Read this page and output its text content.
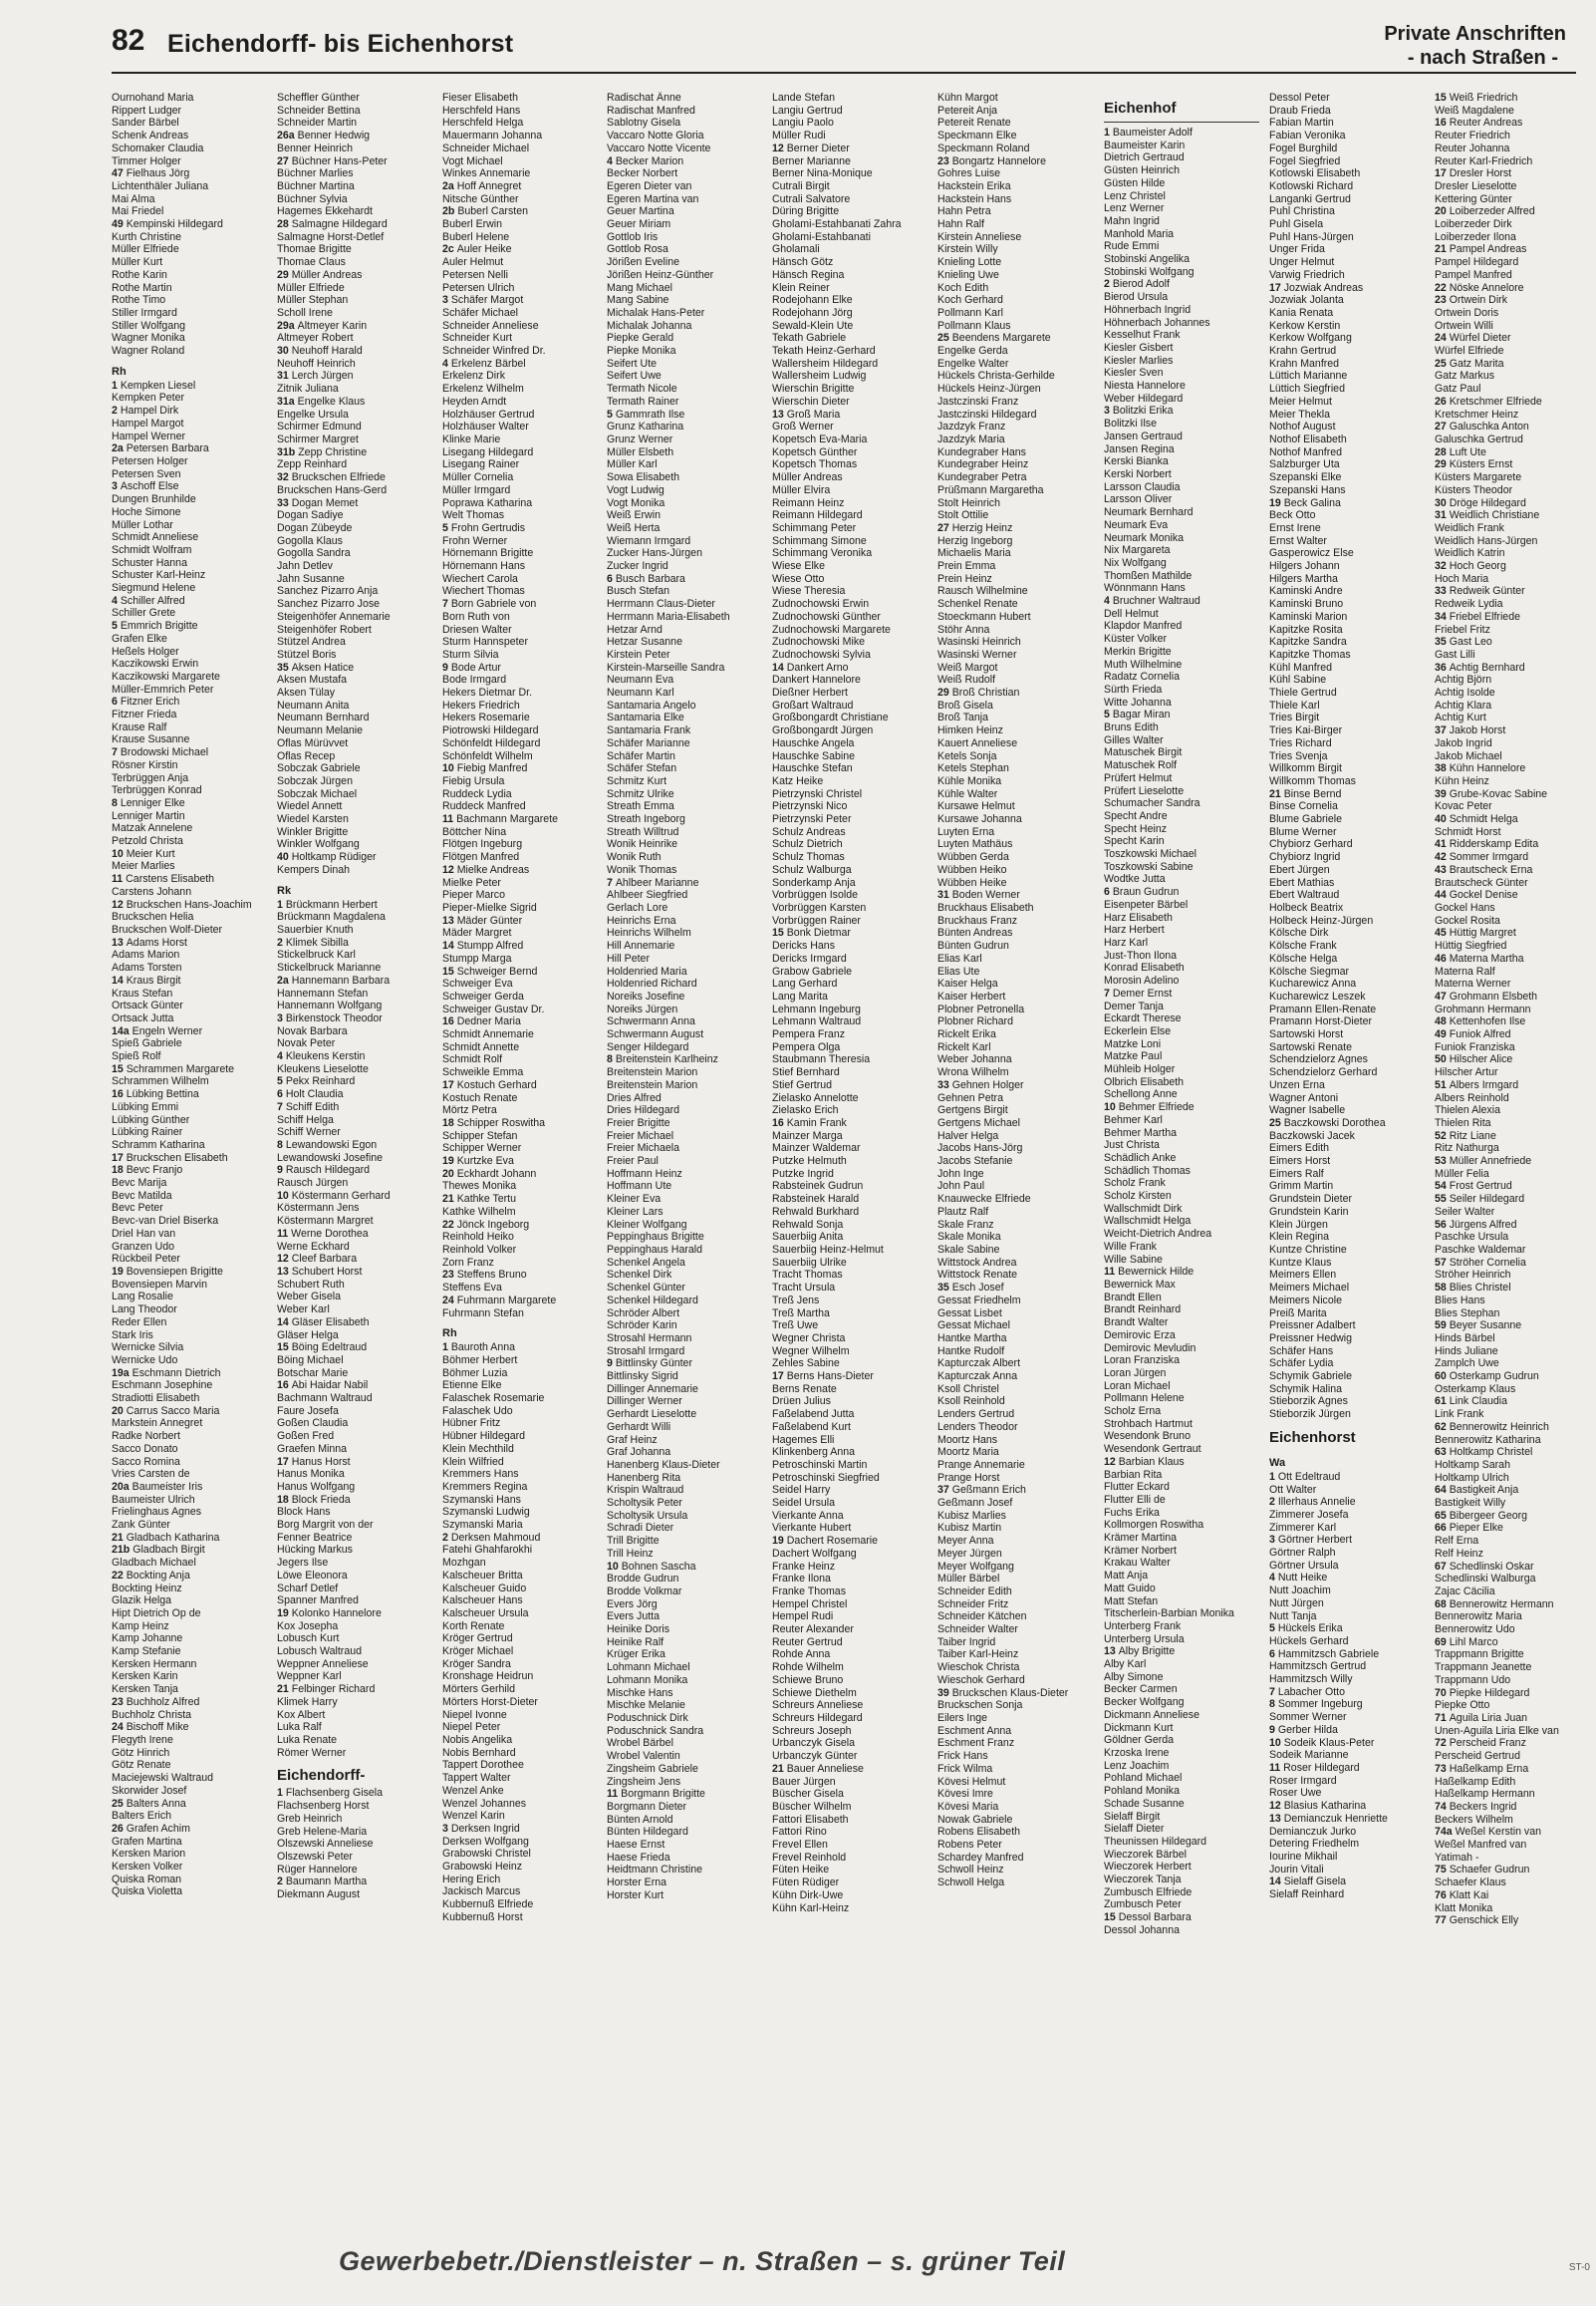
82 Eichendorff- bis Eichenhorst	Private Anschriften
- nach Straßen -
Ournohand Maria
Rippert Ludger
Sander Bärbel
Schenk Andreas
Schomaker Claudia
Timmer Holger
47 Fielhaus Jörg
Lichtenthäler Juliana
Mai Alma
Mai Friedel
49 Kempinski Hildegard
Kurth Christine
Müller Elfriede
Müller Kurt
Rothe Karin
Rothe Martin
Rothe Timo
Stiller Irmgard
Stiller Wolfgang
Wagner Monika
Wagner Roland
Rh
1 Kempken Liesel
Kempken Peter
2 Hampel Dirk
Hampel Margot
Hampel Werner
2a Petersen Barbara
Petersen Holger
Petersen Sven
3 Aschoff Else
Dungen Brunhilde
Hoche Simone
Müller Lothar
Schmidt Anneliese
Schmidt Wolfram
Schuster Hanna
Schuster Karl-Heinz
Siegmund Helene
4 Schiller Alfred
Schiller Grete
5 Emmrich Brigitte
Grafen Elke
Heßels Holger
Kaczikowski Erwin
Kaczikowski Margarete
Müller-Emmrich Peter
6 Fitzner Erich
Fitzner Frieda
Krause Ralf
Krause Susanne
7 Brodowski Michael
Rösner Kirstin
Terbrüggen Anja
Terbrüggen Konrad
8 Lenniger Elke
Lenniger Martin
Matzak Annelene
Petzold Christa
10 Meier Kurt
Meier Marlies
11 Carstens Elisabeth
Carstens Johann
12 Bruckschen Hans-Joachim
Bruckschen Helia
Bruckschen Wolf-Dieter
13 Adams Horst
Adams Marion
Adams Torsten
14 Kraus Birgit
Kraus Stefan
Ortsack Günter
Ortsack Jutta
14a Engeln Werner
Spieß Gabriele
Spieß Rolf
15 Schrammen Margarete
Schrammen Wilhelm
16 Lübking Bettina
Lübking Emmi
Lübking Günther
Lübking Rainer
Schramm Katharina
17 Bruckschen Elisabeth
18 Bevc Franjo
Bevc Marija
Bevc Matilda
Bevc Peter
Bevc-van Driel Biserka
Driel Han van
Granzen Udo
Rückbeil Peter
19 Bovensiepen Brigitte
Bovensiepen Marvin
Lang Rosalie
Lang Theodor
Reder Ellen
Stark Iris
Wernicke Silvia
Wernicke Udo
19a Eschmann Dietrich
Eschmann Josephine
Stradiotti Elisabeth
20 Carrus Sacco Maria
Markstein Annegret
Radke Norbert
Sacco Donato
Sacco Romina
Vries Carsten de
20a Baumeister Iris
Baumeister Ulrich
Frielinghaus Agnes
Zank Günter
21 Gladbach Katharina
21b Gladbach Birgit
Gladbach Michael
22 Bockting Anja
Bockting Heinz
Glazik Helga
Hipt Dietrich Op de
Kamp Heinz
Kamp Johanne
Kamp Stefanie
Kersken Hermann
Kersken Karin
Kersken Tanja
23 Buchholz Alfred
Buchholz Christa
24 Bischoff Mike
Flegyth Irene
Götz Hinrich
Götz Renate
Maciejewski Waltraud
Skorwider Josef
25 Balters Anna
Balters Erich
26 Grafen Achim
Grafen Martina
Kersken Marion
Kersken Volker
Quiska Roman
Quiska Violetta
Scheffler Günther
Schneider Bettina
Schneider Martin
26a Benner Hedwig
Benner Heinrich
27 Büchner Hans-Peter
Büchner Marlies
Büchner Martina
Büchner Sylvia
Hagemes Ekkehardt
28 Salmagne Hildegard
Salmagne Horst-Detlef
Thomae Brigitte
Thomae Claus
29 Müller Andreas
Müller Elfriede
Müller Stephan
Scholl Irene
29a Altmeyer Karin
Altmeyer Robert
30 Neuhoff Harald
Neuhoff Heinrich
31 Lerch Jürgen
Zitnik Juliana
31a Engelke Klaus
Engelke Ursula
Schirmer Edmund
Schirmer Margret
31b Zepp Christine
Zepp Reinhard
32 Bruckschen Elfriede
Bruckschen Hans-Gerd
33 Dogan Memet
Dogan Sadiye
Dogan Zübeyde
Gogolla Klaus
Gogolla Sandra
Jahn Detlev
Jahn Susanne
Sanchez Pizarro Anja
Sanchez Pizarro Jose
Steigenhöfer Annemarie
Steigenhöfer Robert
Stützel Andrea
Stützel Boris
35 Aksen Hatice
Aksen Mustafa
Aksen Tülay
Neumann Anita
Neumann Bernhard
Neumann Melanie
Oflas Mürüvvet
Oflas Recep
Sobczak Gabriele
Sobczak Jürgen
Sobczak Michael
Wiedel Annett
Wiedel Karsten
Winkler Brigitte
Winkler Wolfgang
40 Holtkamp Rüdiger
Kempers Dinah
Rk
1 Brückmann Herbert
Brückmann Magdalena
Sauerbier Knuth
2 Klimek Sibilla
Stickelbruck Karl
Stickelbruck Marianne
2a Hannemann Barbara
Hannemann Stefan
Hannemann Wolfgang
3 Birkenstock Theodor
Novak Barbara
Novak Peter
4 Kleukens Kerstin
Kleukens Lieselotte
5 Pekx Reinhard
6 Holt Claudia
7 Schiff Edith
Schiff Helga
Schiff Werner
8 Lewandowski Egon
Lewandowski Josefine
9 Rausch Hildegard
Rausch Jürgen
10 Köstermann Gerhard
Köstermann Jens
Köstermann Margret
11 Werne Dorothea
Werne Eckhard
12 Cleef Barbara
13 Schubert Horst
Schubert Ruth
Weber Gisela
Weber Karl
14 Gläser Elisabeth
Gläser Helga
15 Böing Edeltraud
Böing Michael
Botschar Marie
16 Abi Haidar Nabil
Bachmann Waltraud
Faure Josefa
Goßen Claudia
Goßen Fred
Graefen Minna
17 Hanus Horst
Hanus Monika
Hanus Wolfgang
18 Block Frieda
Block Hans
Borg Margrit von der
Fenner Beatrice
Hücking Markus
Jegers Ilse
Löwe Eleonora
Scharf Detlef
Spanner Manfred
19 Kolonko Hannelore
Kox Josepha
Lobusch Kurt
Lobusch Waltraud
Weppner Anneliese
Weppner Karl
21 Felbinger Richard
Klimek Harry
Kox Albert
Luka Ralf
Luka Renate
Römer Werner
Eichendorff-
1 Flachsenberg Gisela
Flachsenberg Horst
Greb Heinrich
Greb Helene-Maria
Olszewski Anneliese
Olszewski Peter
Rüger Hannelore
2 Baumann Martha
Diekmann August
Fieser Elisabeth
Herschfeld Hans
Herschfeld Helga
Mauermann Johanna
Schneider Michael
Vogt Michael
Winkes Annemarie
2a Hoff Annegret
Nitsche Günther
2b Buberl Carsten
Buberl Erwin
Buberl Helene
2c Auler Heike
Auler Helmut
Petersen Nelli
Petersen Ulrich
3 Schäfer Margot
Schäfer Michael
Schneider Anneliese
Schneider Kurt
Schneider Winfred Dr.
4 Erkelenz Bärbel
Erkelenz Dirk
Erkelenz Wilhelm
Heyden Arndt
Holzhäuser Gertrud
Holzhäuser Walter
Klinke Marie
Lisegang Hildegard
Lisegang Rainer
Müller Cornelia
Müller Irmgard
Poprawa Katharina
Welt Thomas
5 Frohn Gertrudis
Frohn Werner
Hörnemann Brigitte
Hörnemann Hans
Wiechert Carola
Wiechert Thomas
7 Born Gabriele von
Born Ruth von
Driesen Walter
Sturm Hannspeter
Sturm Silvia
9 Bode Artur
Bode Irmgard
Hekers Dietmar Dr.
Hekers Friedrich
Hekers Rosemarie
Piotrowski Hildegard
Schönfeldt Hildegard
Schönfeldt Wilhelm
10 Fiebig Manfred
Fiebig Ursula
Ruddeck Lydia
Ruddeck Manfred
11 Bachmann Margarete
Böttcher Nina
Flötgen Ingeburg
Flötgen Manfred
12 Mielke Andreas
Mielke Peter
Pieper Marco
Pieper-Mielke Sigrid
13 Mäder Günter
Mäder Margret
14 Stumpp Alfred
Stumpp Marga
15 Schweiger Bernd
Schweiger Eva
Schweiger Gerda
Schweiger Gustav Dr.
16 Dedner Maria
Schmidt Annemarie
Schmidt Annette
Schmidt Rolf
Schweikle Emma
17 Kostuch Gerhard
Kostuch Renate
Mörtz Petra
18 Schipper Roswitha
Schipper Stefan
Schipper Werner
19 Kurtzke Eva
20 Eckhardt Johann
Thewes Monika
21 Kathke Tertu
Kathke Wilhelm
22 Jönck Ingeborg
Reinhold Heiko
Reinhold Volker
Zorn Franz
23 Steffens Bruno
Steffens Eva
24 Fuhrmann Margarete
Fuhrmann Stefan
Rh
1 Bauroth Anna
Böhmer Herbert
Böhmer Luzia
Etienne Elke
Falaschek Rosemarie
Falaschek Udo
Hübner Fritz
Hübner Hildegard
Klein Mechthild
Klein Wilfried
Kremmers Hans
Kremmers Regina
Szymanski Hans
Szymanski Ludwig
Szymanski Maria
2 Derksen Mahmoud
Fatehi Ghahfarokhi
Mozhgan
Kalscheuer Britta
Kalscheuer Guido
Kalscheuer Hans
Kalscheuer Ursula
Korth Renate
Kröger Gertrud
Kröger Michael
Kröger Sandra
Kronshage Heidrun
Mörters Gerhild
Mörters Horst-Dieter
Niepel Ivonne
Niepel Peter
Nobis Angelika
Nobis Bernhard
Tappert Dorothee
Tappert Walter
Wenzel Anke
Wenzel Johannes
Wenzel Karin
3 Derksen Ingrid
Derksen Wolfgang
Grabowski Christel
Grabowski Heinz
Hering Erich
Jackisch Marcus
Kubbernuß Elfriede
Kubbernuß Horst
Radischat Änne
Radischat Manfred
Sablotny Gisela
Vaccaro Notte Gloria
Vaccaro Notte Vicente
4 Becker Marion
Becker Norbert
Egeren Dieter van
Egeren Martina van
Geuer Martina
Geuer Miriam
Gottlob Iris
Gottlob Rosa
Jörißen Eveline
Jörißen Heinz-Günther
Mang Michael
Mang Sabine
Michalak Hans-Peter
Michalak Johanna
Piepke Gerald
Piepke Monika
Seifert Ute
Seifert Uwe
Termath Nicole
Termath Rainer
5 Gammrath Ilse
Grunz Katharina
Grunz Werner
Müller Elsbeth
Müller Karl
Sowa Elisabeth
Vogt Ludwig
Vogt Monika
Weiß Erwin
Weiß Herta
Wiemann Irmgard
Zucker Hans-Jürgen
Zucker Ingrid
6 Busch Barbara
Busch Stefan
Herrmann Claus-Dieter
Herrmann Maria-Elisabeth
Hetzar Arnd
Hetzar Susanne
Kirstein Peter
Kirstein-Marseille Sandra
Neumann Eva
Neumann Karl
Santamaria Angelo
Santamaria Elke
Santamaria Frank
Schäfer Marianne
Schäfer Martin
Schäfer Stefan
Schmitz Kurt
Schmitz Ulrike
Streath Emma
Streath Ingeborg
Streath Willtrud
Wonik Heinrike
Wonik Ruth
Wonik Thomas
7 Ahlbeer Marianne
Ahlbeer Siegfried
Gerlach Lore
Heinrichs Erna
Heinrichs Wilhelm
Hill Annemarie
Hill Peter
Holdenried Maria
Holdenried Richard
Noreiks Josefine
Noreiks Jürgen
Schwermann Anna
Schwermann August
Senger Hildegard
8 Breitenstein Karlheinz
Breitenstein Marion
Breitenstein Marion
Dries Alfred
Dries Hildegard
Freier Brigitte
Freier Michael
Freier Michaela
Freier Paul
Hoffmann Heinz
Hoffmann Ute
Kleiner Eva
Kleiner Lars
Kleiner Wolfgang
Peppinghaus Brigitte
Peppinghaus Harald
Schenkel Angela
Schenkel Dirk
Schenkel Günter
Schenkel Hildegard
Schröder Albert
Schröder Karin
Strosahl Hermann
Strosahl Irmgard
9 Bittlinsky Günter
Bittlinsky Sigrid
Dillinger Annemarie
Dillinger Werner
Gerhardt Lieselotte
Gerhardt Willi
Graf Heinz
Graf Johanna
Hanenberg Klaus-Dieter
Hanenberg Rita
Krispin Waltraud
Scholtysik Peter
Scholtysik Ursula
Schradi Dieter
Trill Brigitte
Trill Heinz
10 Bohnen Sascha
Brodde Gudrun
Brodde Volkmar
Evers Jörg
Evers Jutta
Heinike Doris
Heinike Ralf
Krüger Erika
Lohmann Michael
Lohmann Monika
Mischke Hans
Mischke Melanie
Poduschnick Dirk
Poduschnick Sandra
Wrobel Bärbel
Wrobel Valentin
Zingsheim Gabriele
Zingsheim Jens
11 Borgmann Brigitte
Borgmann Dieter
Bünten Arnold
Bünten Hildegard
Haese Ernst
Haese Frieda
Heidtmann Christine
Horster Erna
Horster Kurt
Lande Stefan
Langiu Gertrud
Langiu Paolo
Müller Rudi
12 Berner Dieter
Berner Marianne
Berner Nina-Monique
Cutrali Birgit
Cutrali Salvatore
Düring Brigitte
Gholami-Estahbanati Zahra
Gholami-Estahbanati
Gholamali
Hänsch Götz
Hänsch Regina
Klein Reiner
Rodejohann Elke
Rodejohann Jörg
Sewald-Klein Ute
Tekath Gabriele
Tekath Heinz-Gerhard
Wallersheim Hildegard
Wallersheim Ludwig
Wierschin Brigitte
Wierschin Dieter
13 Groß Maria
Groß Werner
Kopetsch Eva-Maria
Kopetsch Günther
Kopetsch Thomas
Müller Andreas
Müller Elvira
Reimann Heinz
Reimann Hildegard
Schimmang Peter
Schimmang Simone
Schimmang Veronika
Wiese Elke
Wiese Otto
Wiese Theresia
Zudnochowski Erwin
Zudnochowski Günther
Zudnochowski Margarete
Zudnochowski Mike
Zudnochowski Sylvia
14 Dankert Arno
Dankert Hannelore
Dießner Herbert
Großart Waltraud
Großbongardt Christiane
Großbongardt Jürgen
Hauschke Angela
Hauschke Sabine
Hauschke Stefan
Katz Heike
Pietrzynski Christel
Pietrzynski Nico
Pietrzynski Peter
Schulz Andreas
Schulz Dietrich
Schulz Thomas
Schulz Walburga
Sonderkamp Anja
Vorbrüggen Isolde
Vorbrüggen Karsten
Vorbrüggen Rainer
15 Bonk Dietmar
Dericks Hans
Dericks Irmgard
Grabow Gabriele
Lang Gerhard
Lang Marita
Lehmann Ingeburg
Lehmann Waltraud
Pempera Franz
Pempera Olga
Staubmann Theresia
Stief Bernhard
Stief Gertrud
Zielasko Annelotte
Zielasko Erich
16 Kamin Frank
Mainzer Marga
Mainzer Waldemar
Putzke Helmuth
Putzke Ingrid
Rabsteinek Gudrun
Rabsteinek Harald
Rehwald Burkhard
Rehwald Sonja
Sauerbiig Anita
Sauerbiig Heinz-Helmut
Sauerbiig Ulrike
Tracht Thomas
Tracht Ursula
Treß Jens
Treß Martha
Treß Uwe
Wegner Christa
Wegner Wilhelm
Zehles Sabine
17 Berns Hans-Dieter
Berns Renate
Drüen Julius
Faßelabend Jutta
Faßelabend Kurt
Hagemes Elli
Klinkenberg Anna
Petroschinski Martin
Petroschinski Siegfried
Seidel Harry
Seidel Ursula
Vierkante Anna
Vierkante Hubert
19 Dachert Rosemarie
Dachert Wolfgang
Franke Heinz
Franke Ilona
Franke Thomas
Hempel Christel
Hempel Rudi
Reuter Alexander
Reuter Gertrud
Rohde Anna
Rohde Wilhelm
Schiewe Bruno
Schiewe Diethelm
Schreurs Anneliese
Schreurs Hildegard
Schreurs Joseph
Urbanczyk Gisela
Urbanczyk Günter
21 Bauer Anneliese
Bauer Jürgen
Büscher Gisela
Büscher Wilhelm
Fattori Elisabeth
Fattori Rino
Frevel Ellen
Frevel Reinhold
Füten Heike
Füten Rüdiger
Kühn Dirk-Uwe
Kühn Karl-Heinz
Kühn Margot
Petereit Anja
Petereit Renate
Speckmann Elke
Speckmann Roland
23 Bongartz Hannelore
Gohres Luise
Hackstein Erika
Hackstein Hans
Hahn Petra
Hahn Ralf
Kirstein Anneliese
Kirstein Willy
Knieling Lotte
Knieling Uwe
Koch Edith
Koch Gerhard
Pollmann Karl
Pollmann Klaus
25 Beendens Margarete
Engelke Gerda
Engelke Walter
Hückels Christa-Gerhilde
Hückels Heinz-Jürgen
Jastczinski Franz
Jastczinski Hildegard
Jazdzyk Franz
Jazdzyk Maria
Kundegraber Hans
Kundegraber Heinz
Kundegraber Petra
Prüßmann Margaretha
Stolt Heinrich
Stolt Ottilie
27 Herzig Heinz
Herzig Ingeborg
Michaelis Maria
Prein Emma
Prein Heinz
Rausch Wilhelmine
Schenkel Renate
Stoeckmann Hubert
Stöhr Anna
Wasinski Heinrich
Wasinski Werner
Weiß Margot
Weiß Rudolf
29 Broß Christian
Broß Gisela
Broß Tanja
Himken Heinz
Kauert Anneliese
Ketels Sonja
Ketels Stephan
Kühle Monika
Kühle Walter
Kursawe Helmut
Kursawe Johanna
Luyten Erna
Luyten Mathäus
Wübben Gerda
Wübben Heiko
Wübben Heike
31 Boden Werner
Bruckhaus Elisabeth
Bruckhaus Franz
Bünten Andreas
Bünten Gudrun
Elias Karl
Elias Ute
Kaiser Helga
Kaiser Herbert
Plobner Petronella
Plobner Richard
Rickelt Erika
Rickelt Karl
Weber Johanna
Wrona Wilhelm
33 Gehnen Holger
Gehnen Petra
Gertgens Birgit
Gertgens Michael
Halver Helga
Jacobs Hans-Jörg
Jacobs Stefanie
John Inge
John Paul
Knauwecke Elfriede
Plautz Ralf
Skale Franz
Skale Monika
Skale Sabine
Wittstock Andrea
Wittstock Renate
35 Esch Josef
Gessat Friedhelm
Gessat Lisbet
Gessat Michael
Hantke Martha
Hantke Rudolf
Kapturczak Albert
Kapturczak Anna
Ksoll Christel
Ksoll Reinhold
Lenders Gertrud
Lenders Theodor
Moortz Hans
Moortz Maria
Prange Annemarie
Prange Horst
37 Geßmann Erich
Geßmann Josef
Kubisz Marlies
Kubisz Martin
Meyer Anna
Meyer Jürgen
Meyer Wolfgang
Müller Bärbel
Schneider Edith
Schneider Fritz
Schneider Kätchen
Schneider Walter
Taiber Ingrid
Taiber Karl-Heinz
Wieschok Christa
Wieschok Gerhard
39 Bruckschen Klaus-Dieter
Bruckschen Sonja
Eilers Inge
Eschment Anna
Eschment Franz
Frick Hans
Frick Wilma
Kövesi Helmut
Kövesi Imre
Kövesi Maria
Nowak Gabriele
Robens Elisabeth
Robens Peter
Schardey Manfred
Schwoll Heinz
Schwoll Helga
Eichenhof
1 Baumeister Adolf
Baumeister Karin
Dietrich Gertraud
Güsten Heinrich
Güsten Hilde
Lenz Christel
Lenz Werner
Mahn Ingrid
Manhold Maria
Rude Emmi
Stobinski Angelika
Stobinski Wolfgang
2 Bierod Adolf
Bierod Ursula
Höhnerbach Ingrid
Höhnerbach Johannes
Kesselhut Frank
Kiesler Gisbert
Kiesler Marlies
Kiesler Sven
Niesta Hannelore
Weber Hildegard
3 Bolitzki Erika
Bolitzki Ilse
Jansen Gertraud
Jansen Regina
Kerski Bianka
Kerski Norbert
Larsson Claudia
Larsson Oliver
Neumark Bernhard
Neumark Eva
Neumark Monika
Nix Margareta
Nix Wolfgang
Thomßen Mathilde
Wönnmann Hans
4 Bruchner Waltraud
Dell Helmut
Klapdor Manfred
Küster Volker
Merkin Brigitte
Muth Wilhelmine
Radatz Cornelia
Sürth Frieda
Witte Johanna
5 Bagar Miran
Bruns Edith
Gilles Walter
Matuschek Birgit
Matuschek Rolf
Prüfert Helmut
Prüfert Lieselotte
Schumacher Sandra
Specht Andre
Specht Heinz
Specht Karin
Toszkowski Michael
Toszkowski Sabine
Wodtke Jutta
6 Braun Gudrun
Eisenpeter Bärbel
Harz Elisabeth
Harz Herbert
Harz Karl
Just-Thon Ilona
Konrad Elisabeth
Morosin Adelino
7 Demer Ernst
Demer Tanja
Eckardt Therese
Eckerlein Else
Matzke Loni
Matzke Paul
Mühleib Holger
Olbrich Elisabeth
Schellong Anne
10 Behmer Elfriede
Behmer Karl
Behmer Martha
Just Christa
Schädlich Anke
Schädlich Thomas
Scholz Frank
Scholz Kirsten
Wallschmidt Dirk
Wallschmidt Helga
Weicht-Dietrich Andrea
Wille Frank
Wille Sabine
11 Bewernick Hilde
Bewernick Max
Brandt Ellen
Brandt Reinhard
Brandt Walter
Demirovic Erza
Demirovic Mevludin
Loran Franziska
Loran Jürgen
Loran Michael
Pollmann Helene
Scholz Erna
Strohbach Hartmut
Wesendonk Bruno
Wesendonk Gertraut
12 Barbian Klaus
Barbian Rita
Flutter Eckard
Flutter Elli de
Fuchs Erika
Kollmorgen Roswitha
Krämer Martina
Krämer Norbert
Krakau Walter
Matt Anja
Matt Guido
Matt Stefan
Titscherlein-Barbian Monika
Unterberg Frank
Unterberg Ursula
13 Alby Brigitte
Alby Karl
Alby Simone
Becker Carmen
Becker Wolfgang
Dickmann Anneliese
Dickmann Kurt
Göldner Gerda
Krzoska Irene
Lenz Joachim
Pohland Michael
Pohland Monika
Schade Susanne
Sielaff Birgit
Sielaff Dieter
Theunissen Hildegard
Wieczorek Bärbel
Wieczorek Herbert
Wieczorek Tanja
Zumbusch Elfriede
Zumbusch Peter
15 Dessol Barbara
Dessol Johanna
Dessol Peter
Draub Frieda
Fabian Martin
Fabian Veronika
Fogel Burghild
Fogel Siegfried
Kotlowski Elisabeth
Kotlowski Richard
Langanki Gertrud
Puhl Christina
Puhl Gisela
Puhl Hans-Jürgen
Unger Frida
Unger Helmut
Varwig Friedrich
17 Jozwiak Andreas
Jozwiak Jolanta
Kania Renata
Kerkow Kerstin
Kerkow Wolfgang
Krahn Gertrud
Krahn Manfred
Lüttich Marianne
Lüttich Siegfried
Meier Helmut
Meier Thekla
Nothof August
Nothof Elisabeth
Nothof Manfred
Salzburger Uta
Szepanski Elke
Szepanski Hans
19 Beck Galina
Beck Otto
Ernst Irene
Ernst Walter
Gasperowicz Else
Hilgers Johann
Hilgers Martha
Kaminski Andre
Kaminski Bruno
Kaminski Marion
Kapitzke Rosita
Kapitzke Sandra
Kapitzke Thomas
Kühl Manfred
Kühl Sabine
Thiele Gertrud
Thiele Karl
Tries Birgit
Tries Kai-Birger
Tries Richard
Tries Svenja
Willkomm Birgit
Willkomm Thomas
21 Binse Bernd
Binse Cornelia
Blume Gabriele
Blume Werner
Chybiorz Gerhard
Chybiorz Ingrid
Ebert Jürgen
Ebert Mathias
Ebert Waltraud
Holbeck Beatrix
Holbeck Heinz-Jürgen
Kölsche Dirk
Kölsche Frank
Kölsche Helga
Kölsche Siegmar
Kucharewicz Anna
Kucharewicz Leszek
Pramann Ellen-Renate
Pramann Horst-Dieter
Sartowski Horst
Sartowski Renate
Schendzielorz Agnes
Schendzielorz Gerhard
Unzen Erna
Wagner Antoni
Wagner Isabelle
25 Baczkowski Dorothea
Baczkowski Jacek
Eimers Edith
Eimers Horst
Eimers Ralf
Grimm Martin
Grundstein Dieter
Grundstein Karin
Klein Jürgen
Klein Regina
Kuntze Christine
Kuntze Klaus
Meimers Ellen
Meimers Michael
Meimers Nicole
Preiß Marita
Preissner Adalbert
Preissner Hedwig
Schäfer Hans
Schäfer Lydia
Schymik Gabriele
Schymik Halina
Stieborzik Agnes
Stieborzik Jürgen
Eichenhorst
Wa
1 Ott Edeltraud
Ott Walter
2 Illerhaus Annelie
Zimmerer Josefa
Zimmerer Karl
3 Görtner Herbert
Görtner Ralph
Görtner Ursula
4 Nutt Heike
Nutt Joachim
Nutt Jürgen
Nutt Tanja
5 Hückels Erika
Hückels Gerhard
6 Hammitzsch Gabriele
Hammitzsch Gertrud
Hammitzsch Willy
7 Labacher Otto
8 Sommer Ingeburg
Sommer Werner
9 Gerber Hilda
10 Sodeik Klaus-Peter
Sodeik Marianne
11 Roser Hildegard
Roser Irmgard
Roser Uwe
12 Blasius Katharina
13 Demianczuk Henriette
Demianczuk Jurko
Detering Friedhelm
Iourine Mikhail
Jourin Vitali
14 Sielaff Gisela
Sielaff Reinhard
15 Weiß Friedrich
Weiß Magdalene
16 Reuter Andreas
Reuter Friedrich
Reuter Johanna
Reuter Karl-Friedrich
17 Dresler Horst
Dresler Lieselotte
Kettering Günter
20 Loiberzeder Alfred
Loiberzeder Dirk
Loiberzeder Ilona
21 Pampel Andreas
Pampel Hildegard
Pampel Manfred
22 Nöske Annelore
23 Ortwein Dirk
Ortwein Doris
Ortwein Willi
24 Würfel Dieter
Würfel Elfriede
25 Gatz Marita
Gatz Markus
Gatz Paul
26 Kretschmer Elfriede
Kretschmer Heinz
27 Galuschka Anton
Galuschka Gertrud
28 Luft Ute
29 Küsters Ernst
Küsters Margarete
Küsters Theodor
30 Dröge Hildegard
31 Weidlich Christiane
Weidlich Frank
Weidlich Hans-Jürgen
Weidlich Katrin
32 Hoch Georg
Hoch Maria
33 Redweik Günter
Redweik Lydia
34 Friebel Elfriede
Friebel Fritz
35 Gast Leo
Gast Lilli
36 Achtig Bernhard
Achtig Björn
Achtig Isolde
Achtig Klara
Achtig Kurt
37 Jakob Horst
Jakob Ingrid
Jakob Michael
38 Kühn Hannelore
Kühn Heinz
39 Grube-Kovac Sabine
Kovac Peter
40 Schmidt Helga
Schmidt Horst
41 Ridderskamp Edita
42 Sommer Irmgard
43 Brautscheck Erna
Brautscheck Günter
44 Gockel Denise
Gockel Hans
Gockel Rosita
45 Hüttig Margret
Hüttig Siegfried
46 Materna Martha
Materna Ralf
Materna Werner
47 Grohmann Elsbeth
Grohmann Hermann
48 Kettenhofen Ilse
49 Funiok Alfred
Funiok Franziska
50 Hilscher Alice
Hilscher Artur
51 Albers Irmgard
Albers Reinhold
Thielen Alexia
Thielen Rita
52 Ritz Liane
Ritz Nathurga
53 Müller Annefriede
Müller Felia
54 Frost Gertrud
55 Seiler Hildegard
Seiler Walter
56 Jürgens Alfred
Paschke Ursula
Paschke Waldemar
57 Ströher Cornelia
Ströher Heinrich
58 Blies Christel
Blies Hans
Blies Stephan
59 Beyer Susanne
Hinds Bärbel
Hinds Juliane
Zamplch Uwe
60 Osterkamp Gudrun
Osterkamp Klaus
61 Link Claudia
Link Frank
62 Bennerowitz Heinrich
Bennerowitz Katharina
63 Holtkamp Christel
Holtkamp Sarah
Holtkamp Ulrich
64 Bastigkeit Anja
Bastigkeit Willy
65 Bibergeer Georg
66 Pieper Elke
Relf Erna
Relf Heinz
67 Schedlinski Oskar
Schedlinski Walburga
Zajac Cäcilia
68 Bennerowitz Hermann
Bennerowitz Maria
Bennerowitz Udo
69 Lihl Marco
Trappmann Brigitte
Trappmann Jeanette
Trappmann Udo
70 Piepke Hildegard
Piepke Otto
71 Aguila Liria Juan
Unen-Aguila Liria Elke van
72 Perscheid Franz
Perscheid Gertrud
73 Haßelkamp Erna
Haßelkamp Edith
Haßelkamp Hermann
74 Beckers Ingrid
Beckers Wilhelm
74a Weßel Kerstin van
Weßel Manfred van
Yatimah -
75 Schaefer Gudrun
Schaefer Klaus
76 Klatt Kai
Klatt Monika
77 Genschick Elly
Gewerbebetr./Dienstleister – n. Straßen – s. grüner Teil	ST-0
